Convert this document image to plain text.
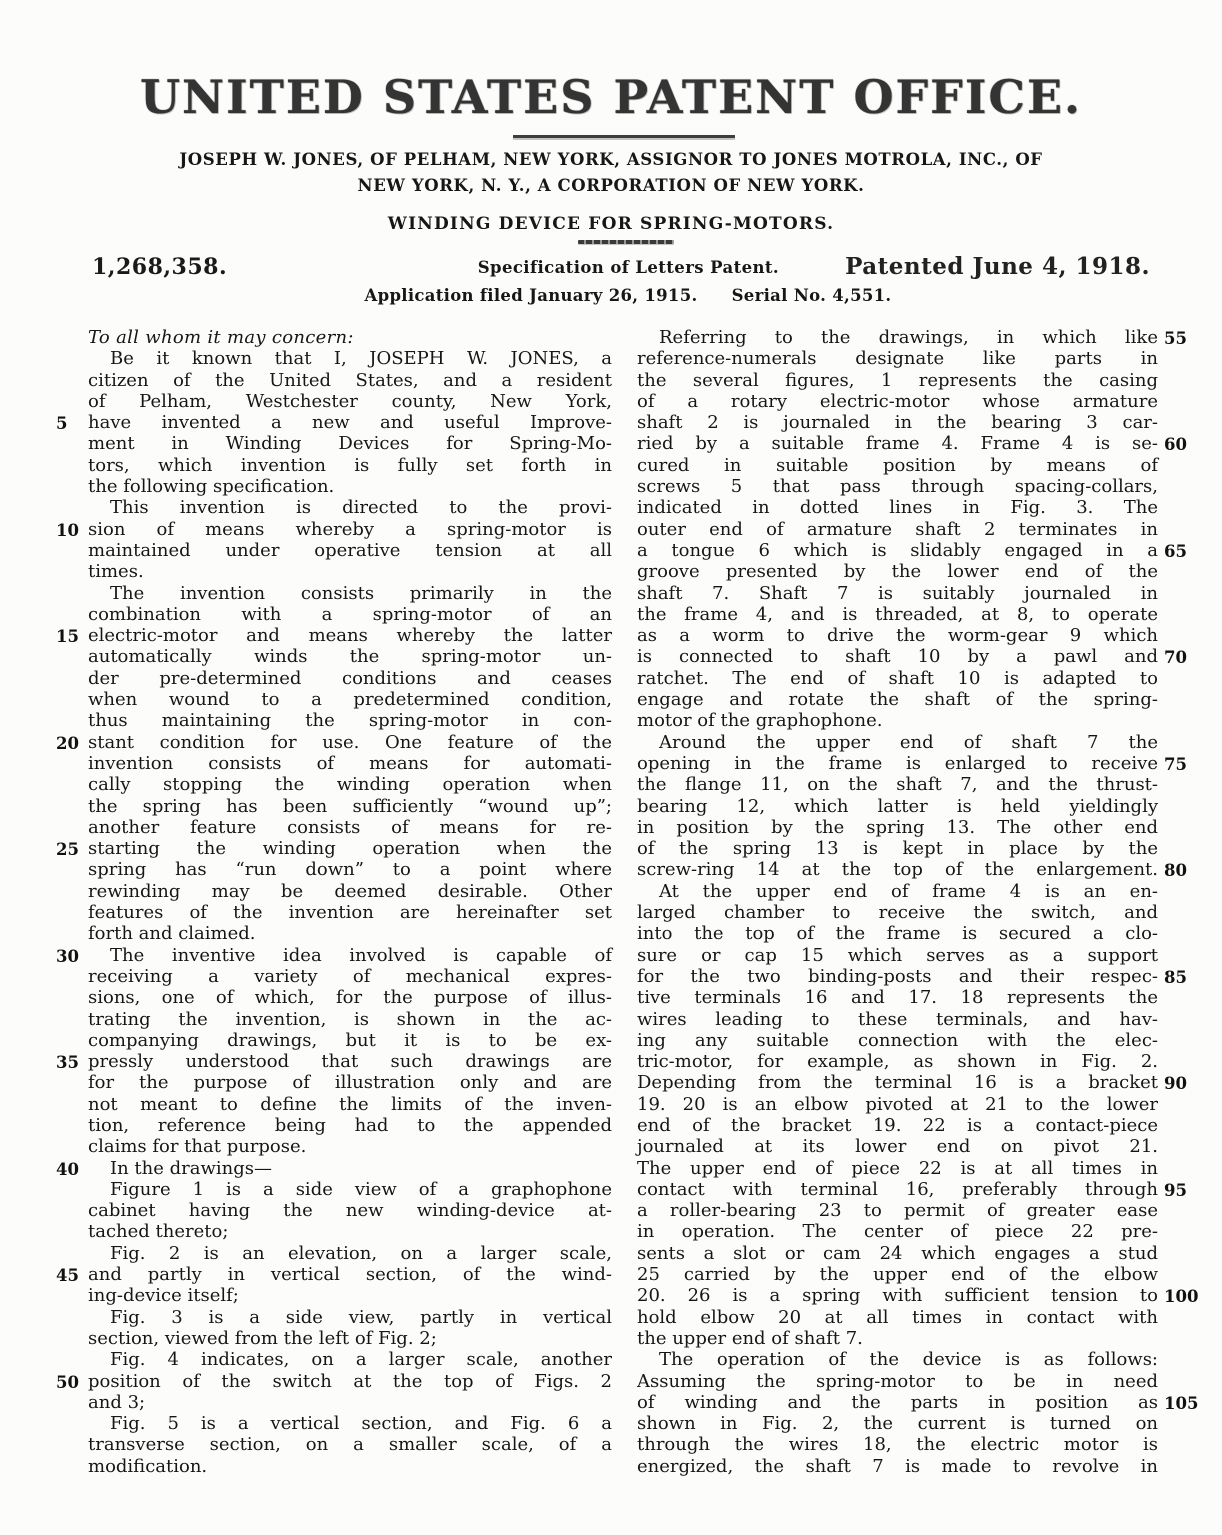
UNITED STATES PATENT OFFICE.

JOSEPH W. JONES, OF PELHAM, NEW YORK, ASSIGNOR TO JONES MOTROLA, INC., OF

NEW YORK, N. Y., A CORPORATION OF NEW YORK.

WINDING DEVICE FOR SPRING-MOTORS.

1,268,358.	Specification of Letters Patent.	Patented June 4, 1918.

Application filed January 26, 1915. Serial No. 4,551.

To all whom it may concern:
Be it known that I, JOSEPH W. JONES, a
citizen of the United States, and a resident
of Pelham, Westchester county, New York,
5	have invented a new and useful Improve-
ment in Winding Devices for Spring-Mo-
tors, which invention is fully set forth in
the following specification.
This invention is directed to the provi-
10 sion of means whereby a spring-motor is
maintained under operative tension at all
times.
The invention consists primarily in the
combination with a spring-motor of an
15 electric-motor and means whereby the latter
automatically winds the spring-motor un-
der pre-determined conditions and ceases
when wound to a predetermined condition,
thus maintaining the spring-motor in con-
20 stant condition for use. One feature of the
invention consists of means for automati-
cally stopping the winding operation when
the spring has been sufficiently “wound up”;
another feature consists of means for re-
25 starting the winding operation when the
spring has “run down” to a point where
rewinding may be deemed desirable. Other
features of the invention are hereinafter set
forth and claimed.
30 The inventive idea involved is capable of
receiving a variety of mechanical expres-
sions, one of which, for the purpose of illus-
trating the invention, is shown in the ac-
companying drawings, but it is to be ex-
35 pressly understood that such drawings are
for the purpose of illustration only and are
not meant to define the limits of the inven-
tion, reference being had to the appended
claims for that purpose.
40 In the drawings—
Figure 1 is a side view of a graphophone
cabinet having the new winding-device at-
tached thereto;
Fig. 2 is an elevation, on a larger scale,
45 and partly in vertical section, of the wind-
ing-device itself;
Fig. 3 is a side view, partly in vertical
section, viewed from the left of Fig. 2;
Fig. 4 indicates, on a larger scale, another
50 position of the switch at the top of Figs. 2
and 3;
Fig. 5 is a vertical section, and Fig. 6 a
transverse section, on a smaller scale, of a
modification.
55
Referring to the drawings, in which like
reference-numerals designate like parts in
the several figures, 1 represents the casing
of a rotary electric-motor whose armature
shaft 2 is journaled in the bearing 3 car-
60
ried by a suitable frame 4. Frame 4 is se-
cured in suitable position by means of
screws 5 that pass through spacing-collars,
indicated in dotted lines in Fig. 3. The
outer end of armature shaft 2 terminates in
65
a tongue 6 which is slidably engaged in a
groove presented by the lower end of the
shaft 7. Shaft 7 is suitably journaled in
the frame 4, and is threaded, at 8, to operate
as a worm to drive the worm-gear 9 which
70
is connected to shaft 10 by a pawl and
ratchet. The end of shaft 10 is adapted to
engage and rotate the shaft of the spring-
motor of the graphophone.
Around the upper end of shaft 7 the
75
opening in the frame is enlarged to receive
the flange 11, on the shaft 7, and the thrust-
bearing 12, which latter is held yieldingly
in position by the spring 13. The other end
of the spring 13 is kept in place by the
80
screw-ring 14 at the top of the enlargement.
At the upper end of frame 4 is an en-
larged chamber to receive the switch, and
into the top of the frame is secured a clo-
sure or cap 15 which serves as a support
85
for the two binding-posts and their respec-
tive terminals 16 and 17. 18 represents the
wires leading to these terminals, and hav-
ing any suitable connection with the elec-
tric-motor, for example, as shown in Fig. 2.
90
Depending from the terminal 16 is a bracket
19. 20 is an elbow pivoted at 21 to the lower
end of the bracket 19. 22 is a contact-piece
journaled at its lower end on pivot 21.
The upper end of piece 22 is at all times in
95
contact with terminal 16, preferably through
a roller-bearing 23 to permit of greater ease
in operation. The center of piece 22 pre-
sents a slot or cam 24 which engages a stud
25 carried by the upper end of the elbow
100
20. 26 is a spring with sufficient tension to
hold elbow 20 at all times in contact with
the upper end of shaft 7.
The operation of the device is as follows:
Assuming the spring-motor to be in need
105
of winding and the parts in position as
shown in Fig. 2, the current is turned on
through the wires 18, the electric motor is
energized, the shaft 7 is made to revolve in
